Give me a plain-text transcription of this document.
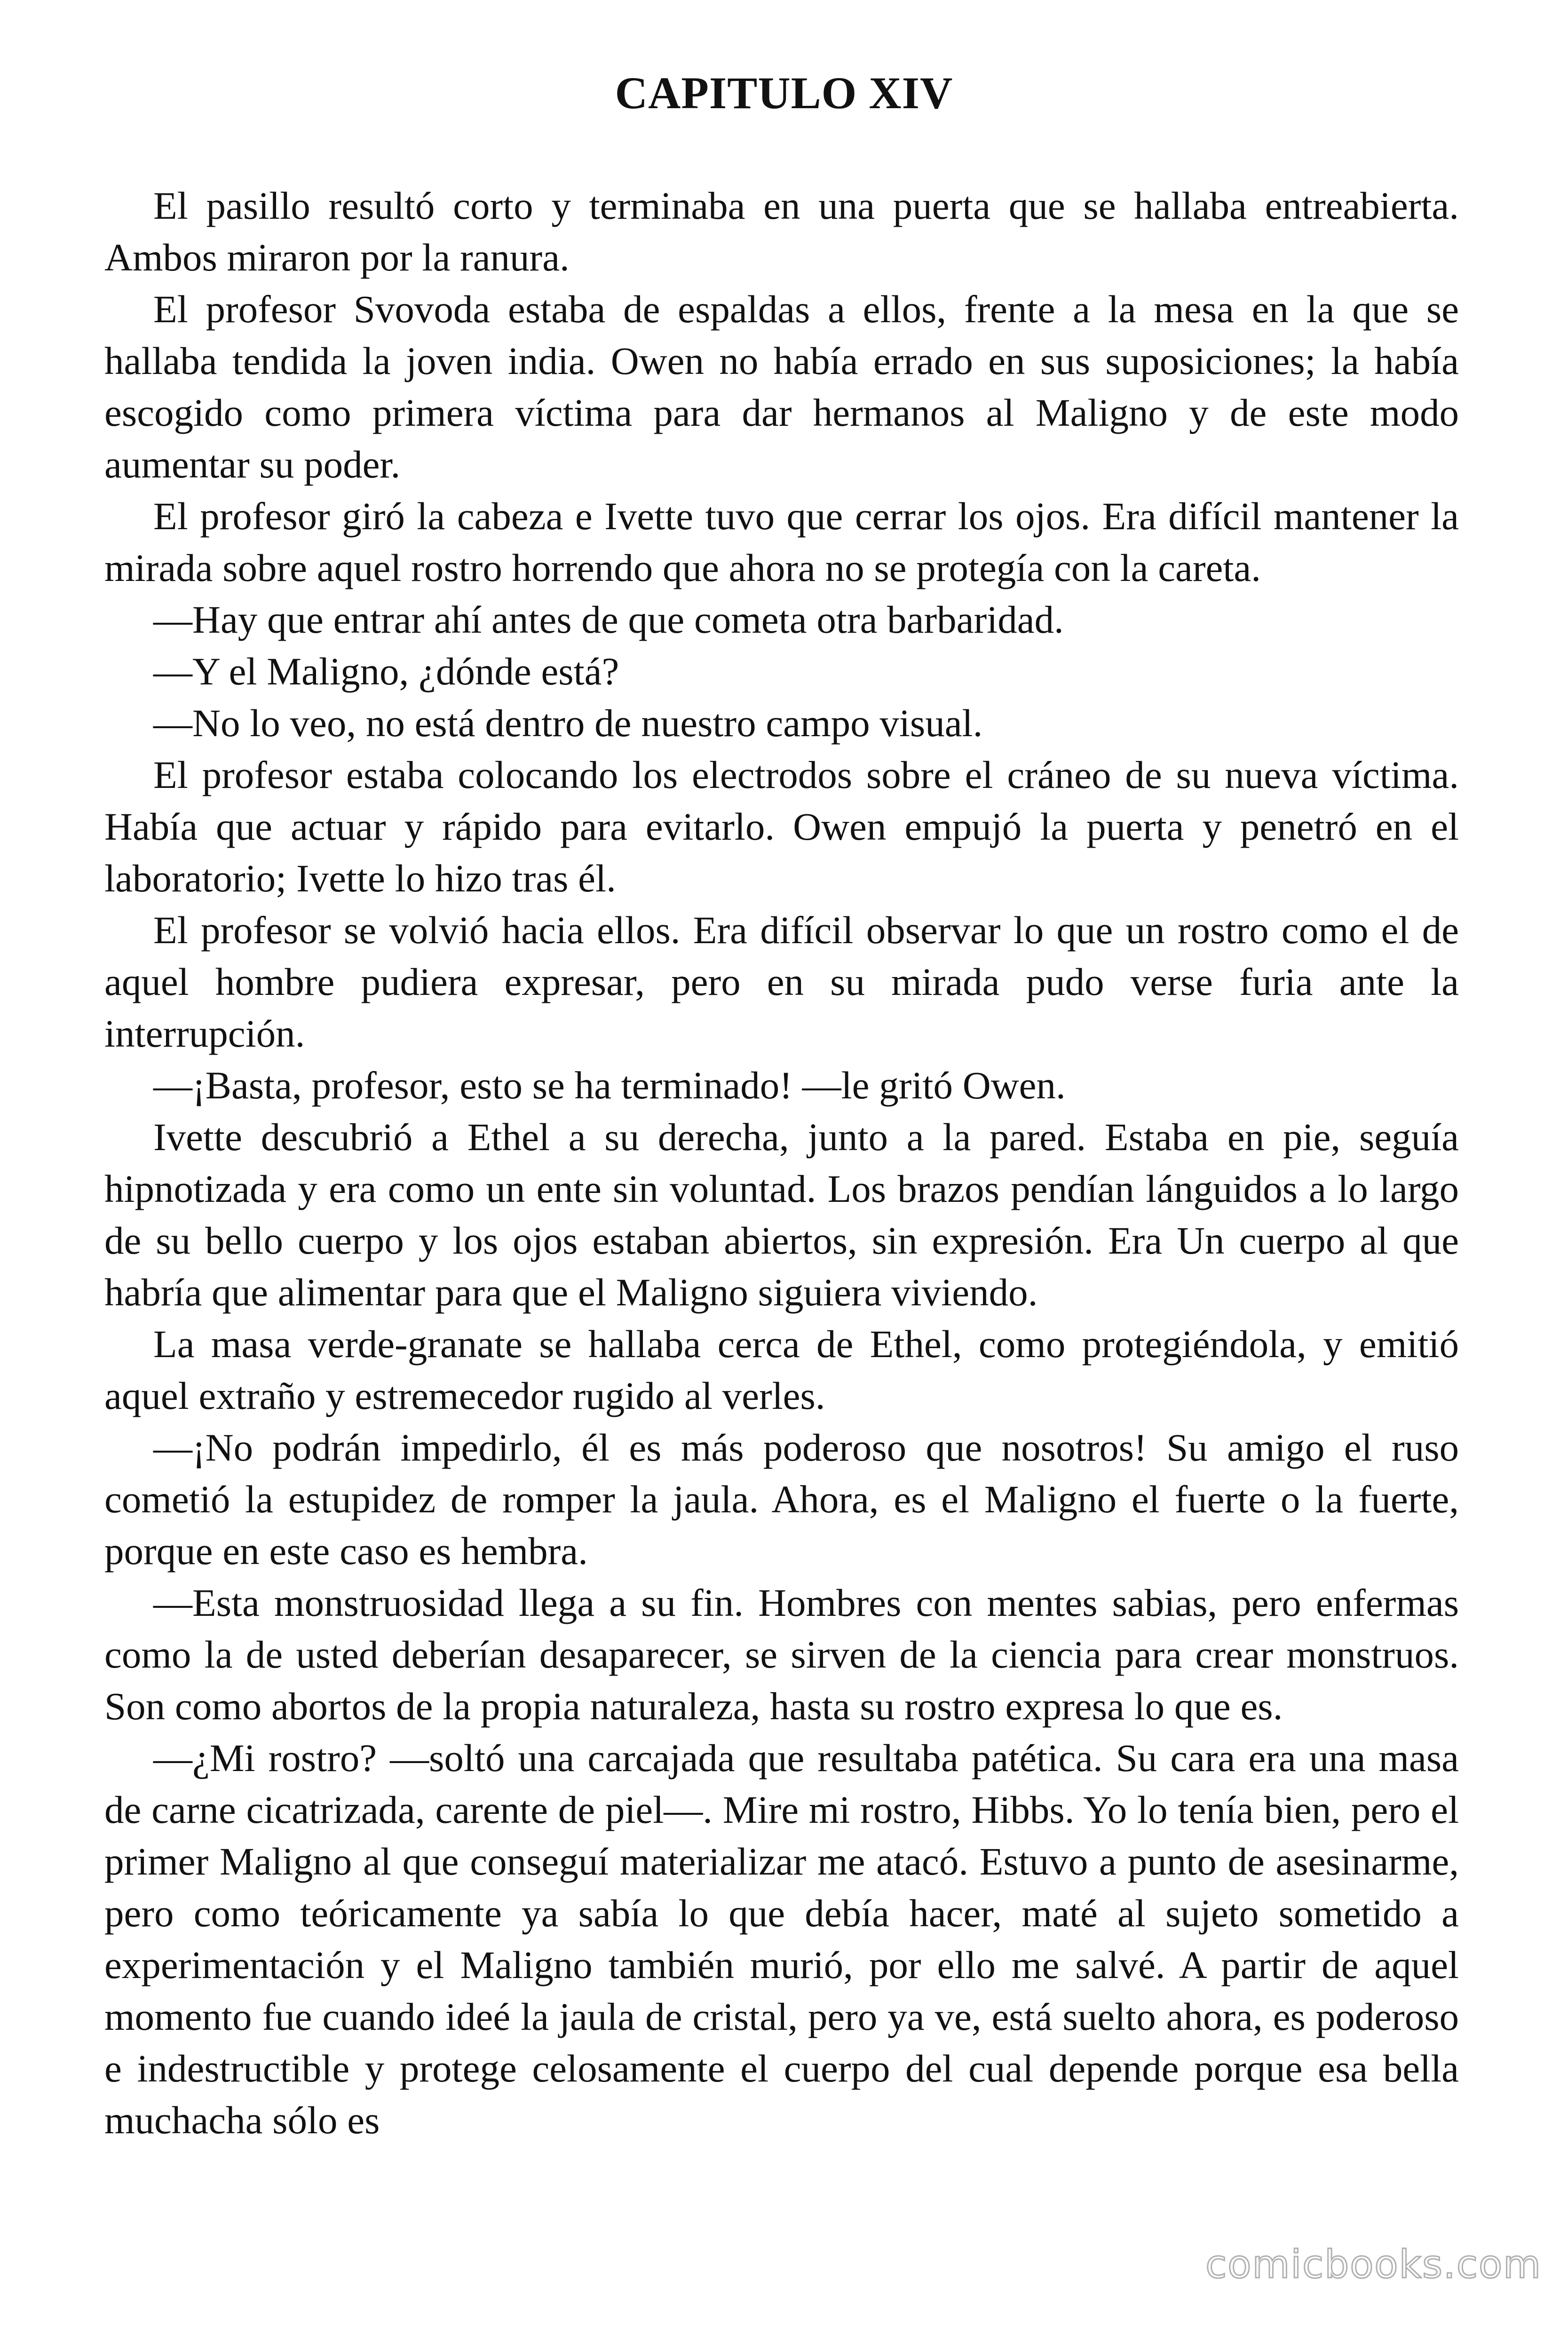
CAPITULO XIV

El pasillo resultó corto y terminaba en una puerta que se hallaba entreabierta. Ambos miraron por la ranura.

El profesor Svovoda estaba de espaldas a ellos, frente a la mesa en la que se hallaba tendida la joven india. Owen no había errado en sus suposiciones; la había escogido como primera víctima para dar hermanos al Maligno y de este modo aumentar su poder.

El profesor giró la cabeza e Ivette tuvo que cerrar los ojos. Era difícil mantener la mirada sobre aquel rostro horrendo que ahora no se protegía con la careta.

—Hay que entrar ahí antes de que cometa otra barbaridad.

—Y el Maligno, ¿dónde está?

—No lo veo, no está dentro de nuestro campo visual.

El profesor estaba colocando los electrodos sobre el cráneo de su nueva víctima. Había que actuar y rápido para evitarlo. Owen empujó la puerta y penetró en el laboratorio; Ivette lo hizo tras él.

El profesor se volvió hacia ellos. Era difícil observar lo que un rostro como el de aquel hombre pudiera expresar, pero en su mirada pudo verse furia ante la interrupción.

—¡Basta, profesor, esto se ha terminado! —le gritó Owen.

Ivette descubrió a Ethel a su derecha, junto a la pared. Estaba en pie, seguía hipnotizada y era como un ente sin voluntad. Los brazos pendían lánguidos a lo largo de su bello cuerpo y los ojos estaban abiertos, sin expresión. Era Un cuerpo al que habría que alimentar para que el Maligno siguiera viviendo.

La masa verde-granate se hallaba cerca de Ethel, como protegiéndola, y emitió aquel extraño y estremecedor rugido al verles.

—¡No podrán impedirlo, él es más poderoso que nosotros! Su amigo el ruso cometió la estupidez de romper la jaula. Ahora, es el Maligno el fuerte o la fuerte, porque en este caso es hembra.

—Esta monstruosidad llega a su fin. Hombres con mentes sabias, pero enfermas como la de usted deberían desaparecer, se sirven de la ciencia para crear monstruos. Son como abortos de la propia naturaleza, hasta su rostro expresa lo que es.

—¿Mi rostro? —soltó una carcajada que resultaba patética. Su cara era una masa de carne cicatrizada, carente de piel—. Mire mi rostro, Hibbs. Yo lo tenía bien, pero el primer Maligno al que conseguí materializar me atacó. Estuvo a punto de asesinarme, pero como teóricamente ya sabía lo que debía hacer, maté al sujeto sometido a experimentación y el Maligno también murió, por ello me salvé. A partir de aquel momento fue cuando ideé la jaula de cristal, pero ya ve, está suelto ahora, es poderoso e indestructible y protege celosamente el cuerpo del cual depende porque esa bella muchacha sólo es

comicbooks.com
